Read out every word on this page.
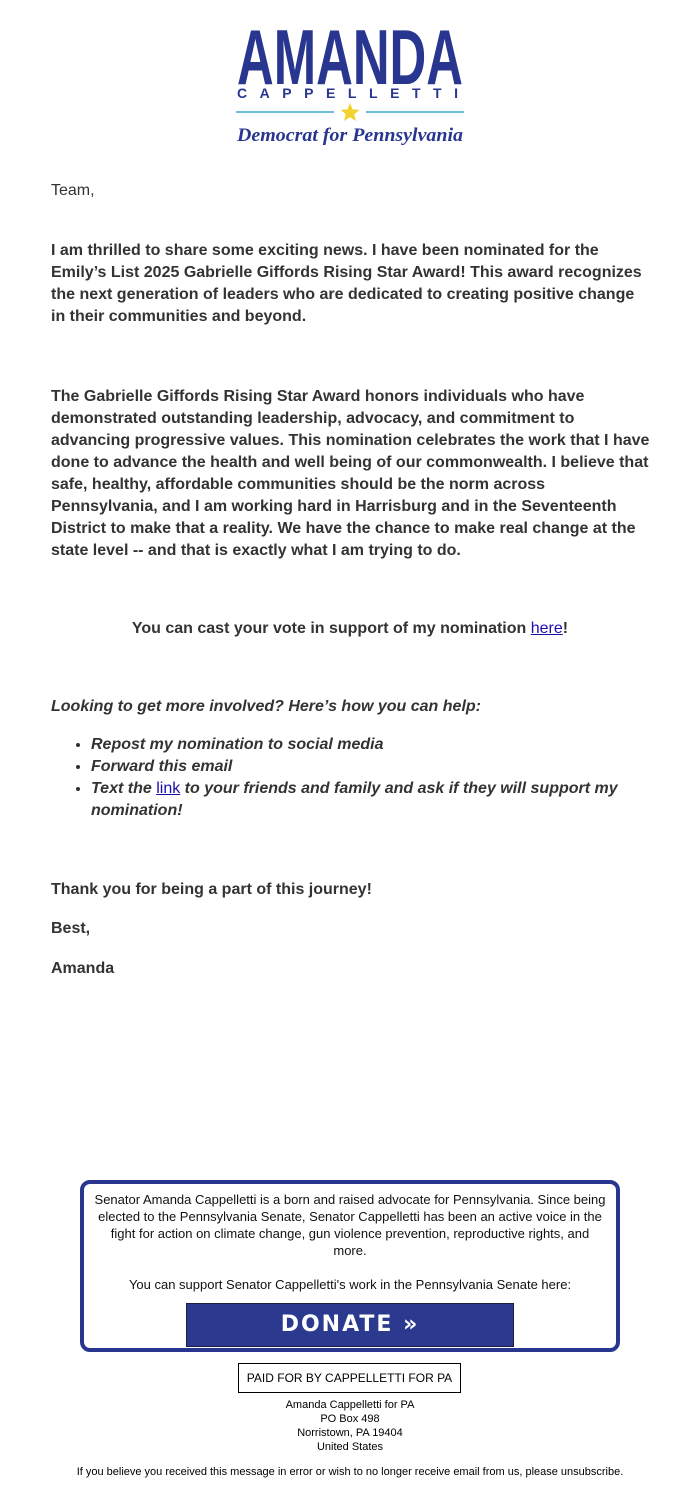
AMANDA
CAPPELLETTI
Democrat for Pennsylvania
Team,
I am thrilled to share some exciting news. I have been nominated for the Emily’s List 2025 Gabrielle Giffords Rising Star Award! This award recognizes the next generation of leaders who are dedicated to creating positive change in their communities and beyond.
The Gabrielle Giffords Rising Star Award honors individuals who have demonstrated outstanding leadership, advocacy, and commitment to advancing progressive values. This nomination celebrates the work that I have done to advance the health and well being of our commonwealth. I believe that safe, healthy, affordable communities should be the norm across Pennsylvania, and I am working hard in Harrisburg and in the Seventeenth District to make that a reality. We have the chance to make real change at the state level -- and that is exactly what I am trying to do.
You can cast your vote in support of my nomination here!
Looking to get more involved? Here’s how you can help:
• Repost my nomination to social media
• Forward this email
• Text the link to your friends and family and ask if they will support my nomination!
Thank you for being a part of this journey!
Best,
Amanda

Senator Amanda Cappelletti is a born and raised advocate for Pennsylvania. Since being elected to the Pennsylvania Senate, Senator Cappelletti has been an active voice in the fight for action on climate change, gun violence prevention, reproductive rights, and more.

You can support Senator Cappelletti's work in the Pennsylvania Senate here:

DONATE »
PAID FOR BY CAPPELLETTI FOR PA
Amanda Cappelletti for PA
PO Box 498
Norristown, PA 19404
United States
If you believe you received this message in error or wish to no longer receive email from us, please unsubscribe.
